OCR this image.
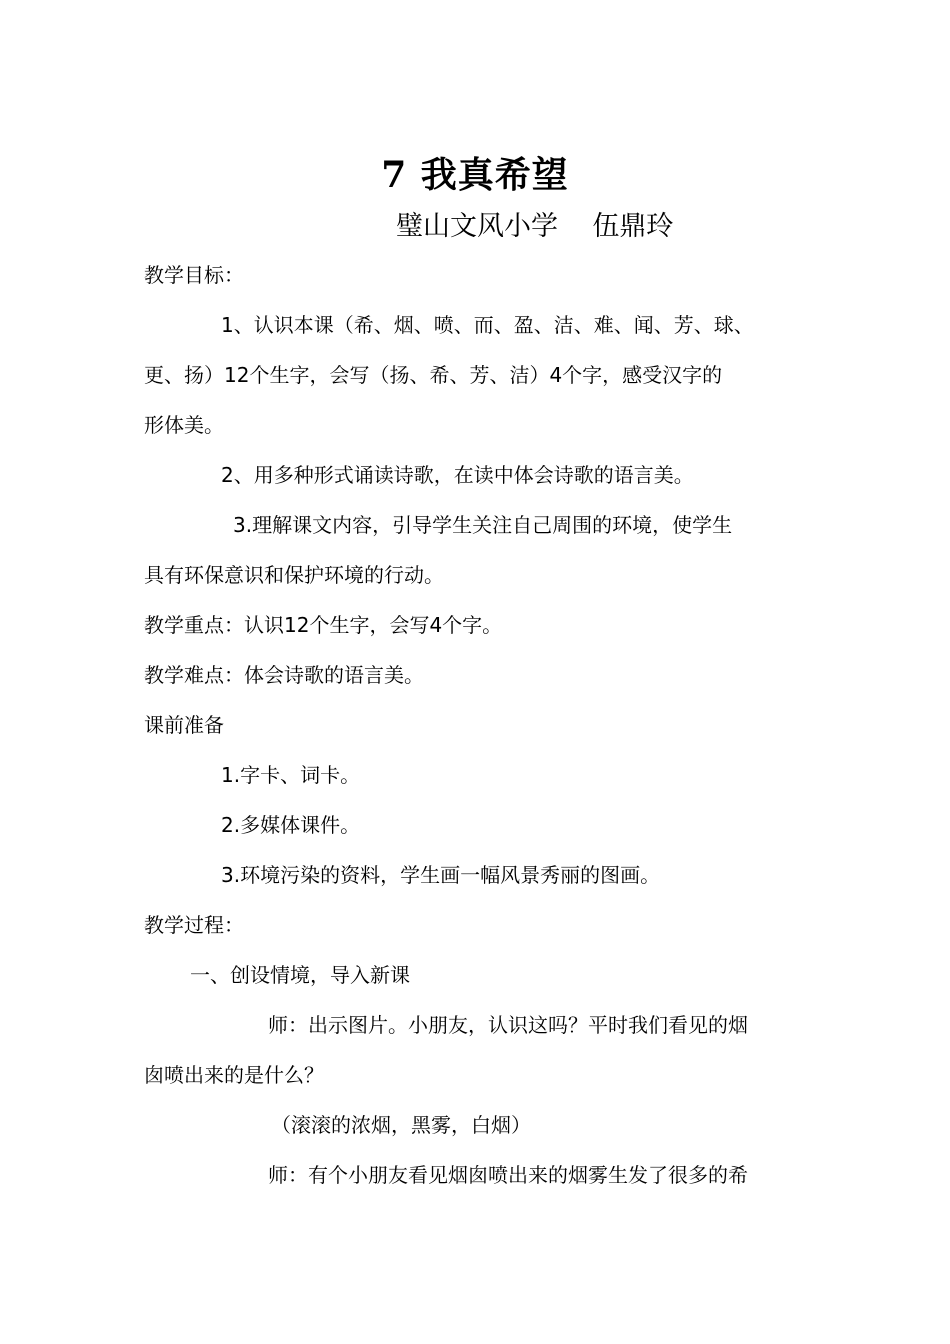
7 我真希望
璧山文风小学    伍鼎玲
教学目标：
1、认识本课（希、烟、喷、而、盈、洁、难、闻、芳、球、
更、扬）12个生字，会写（扬、希、芳、洁）4个字，感受汉字的
形体美。
2、用多种形式诵读诗歌，在读中体会诗歌的语言美。
3.理解课文内容，引导学生关注自己周围的环境，使学生
具有环保意识和保护环境的行动。
教学重点：认识12个生字，会写4个字。
教学难点：体会诗歌的语言美。
课前准备
1.字卡、词卡。
2.多媒体课件。
3.环境污染的资料，学生画一幅风景秀丽的图画。
教学过程：
一、创设情境，导入新课
师：出示图片。小朋友，认识这吗？平时我们看见的烟
囱喷出来的是什么？
（滚滚的浓烟，黑雾，白烟）
师：有个小朋友看见烟囱喷出来的烟雾生发了很多的希
